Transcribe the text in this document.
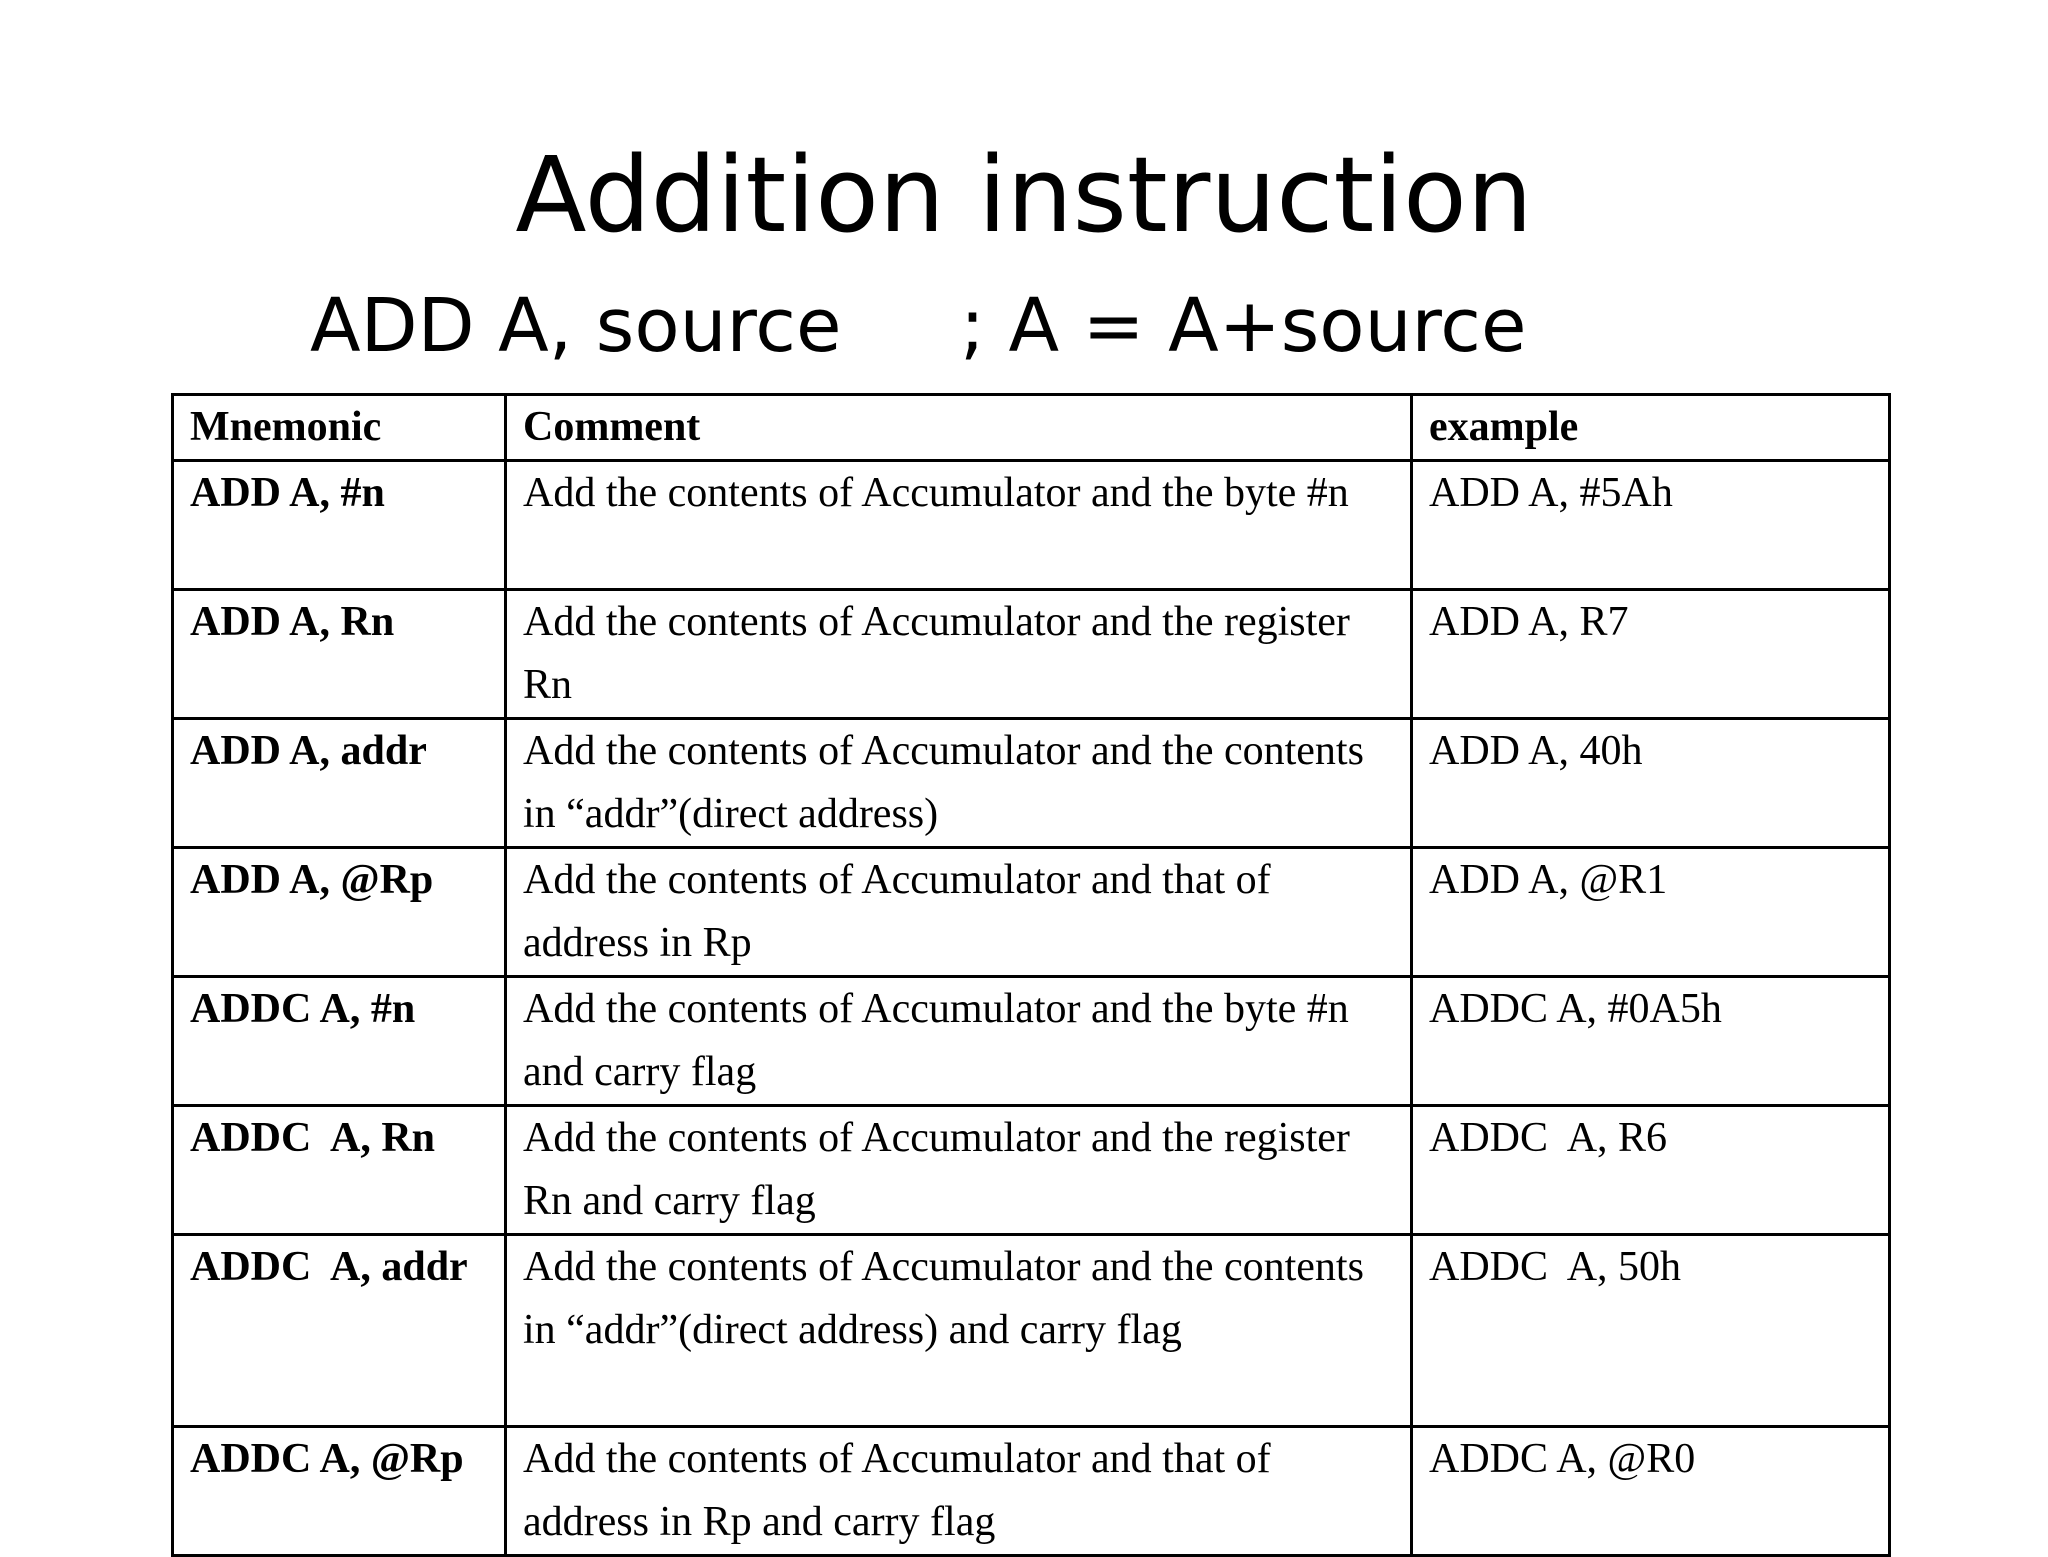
Addition instruction

ADD A, source

; A = A+source

Mnemonic	Comment	example
ADD A, #n	Add the contents of Accumulator and the byte #n	ADD A, #5Ah
ADD A, Rn	Add the contents of Accumulator and the register Rn	ADD A, R7
ADD A, addr	Add the contents of Accumulator and the contents in “addr”(direct address)	ADD A, 40h
ADD A, @Rp	Add the contents of Accumulator and that of address in Rp	ADD A, @R1
ADDC A, #n	Add the contents of Accumulator and the byte #n and carry flag	ADDC A, #0A5h
ADDC  A, Rn	Add the contents of Accumulator and the register Rn and carry flag	ADDC  A, R6
ADDC  A, addr	Add the contents of Accumulator and the contents in “addr”(direct address) and carry flag	ADDC  A, 50h
ADDC A, @Rp	Add the contents of Accumulator and that of address in Rp and carry flag	ADDC A, @R0
